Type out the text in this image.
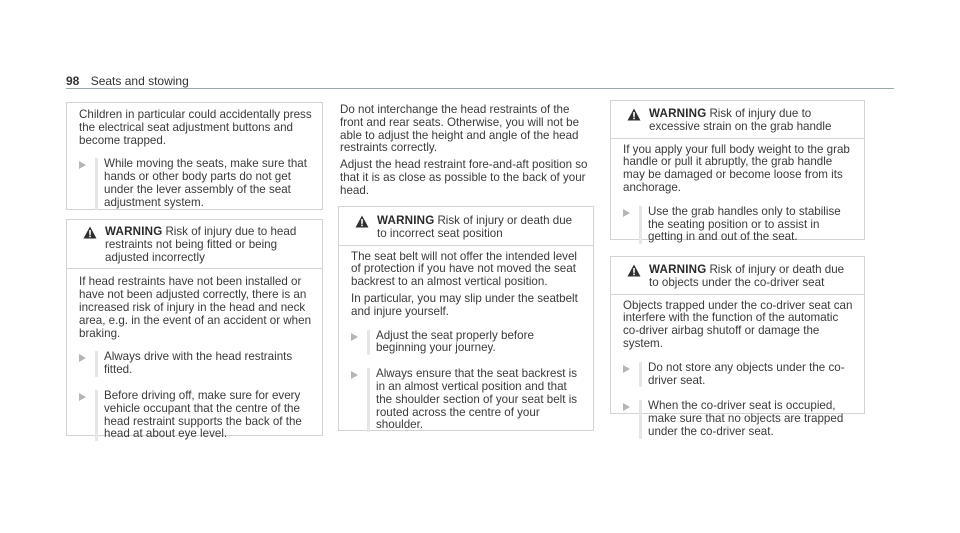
98 Seats and stowing

Children in particular could accidentally press the electrical seat adjustment buttons and become trapped.

While moving the seats, make sure that hands or other body parts do not get under the lever assembly of the seat adjustment system.
WARNING Risk of injury due to head restraints not being fitted or being adjusted incorrectly

If head restraints have not been installed or have not been adjusted correctly, there is an increased risk of injury in the head and neck area, e.g. in the event of an accident or when braking.

Always drive with the head restraints fitted.
Before driving off, make sure for every vehicle occupant that the centre of the head restraint supports the back of the head at about eye level.

Do not interchange the head restraints of the front and rear seats. Otherwise, you will not be able to adjust the height and angle of the head restraints correctly.

Adjust the head restraint fore-and-aft position so that it is as close as possible to the back of your head.

WARNING Risk of injury or death due to incorrect seat position

The seat belt will not offer the intended level of protection if you have not moved the seat backrest to an almost vertical position.

In particular, you may slip under the seatbelt and injure yourself.

Adjust the seat properly before beginning your journey.
Always ensure that the seat backrest is in an almost vertical position and that the shoulder section of your seat belt is routed across the centre of your shoulder.
WARNING Risk of injury due to excessive strain on the grab handle

If you apply your full body weight to the grab handle or pull it abruptly, the grab handle may be damaged or become loose from its anchorage.

Use the grab handles only to stabilise the seating position or to assist in getting in and out of the seat.
WARNING Risk of injury or death due to objects under the co-driver seat

Objects trapped under the co-driver seat can interfere with the function of the automatic co-driver airbag shutoff or damage the system.

Do not store any objects under the co-driver seat.
When the co-driver seat is occupied, make sure that no objects are trapped under the co-driver seat.
